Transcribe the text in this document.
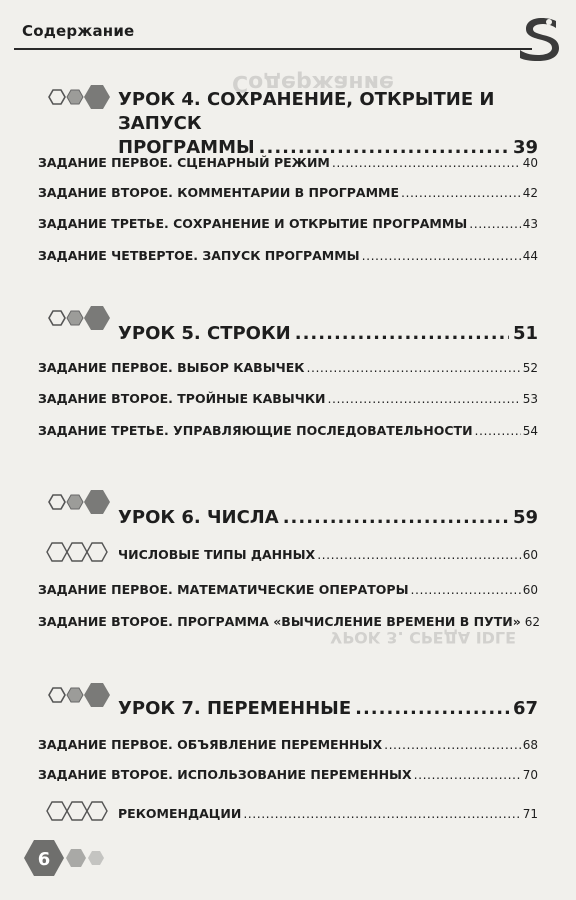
Содержание
Содержание
УРОК 4. СОХРАНЕНИЕ, ОТКРЫТИЕ И ЗАПУСК
ПРОГРАММЫ .....	39
ЗАДАНИЕ ПЕРВОЕ. СЦЕНАРНЫЙ РЕЖИМ .....	40
ЗАДАНИЕ ВТОРОЕ. КОММЕНТАРИИ В ПРОГРАММЕ .....	42
ЗАДАНИЕ ТРЕТЬЕ. СОХРАНЕНИЕ И ОТКРЫТИЕ ПРОГРАММЫ .....	43
ЗАДАНИЕ ЧЕТВЕРТОЕ. ЗАПУСК ПРОГРАММЫ .....	44
УРОК 5. СТРОКИ .....	51
ЗАДАНИЕ ПЕРВОЕ. ВЫБОР КАВЫЧЕК .....	52
ЗАДАНИЕ ВТОРОЕ. ТРОЙНЫЕ КАВЫЧКИ .....	53
ЗАДАНИЕ ТРЕТЬЕ. УПРАВЛЯЮЩИЕ ПОСЛЕДОВАТЕЛЬНОСТИ .....	54
УРОК 6. ЧИСЛА .....	59
ЧИСЛОВЫЕ ТИПЫ ДАННЫХ .....	60
ЗАДАНИЕ ПЕРВОЕ. МАТЕМАТИЧЕСКИЕ ОПЕРАТОРЫ .....	60
ЗАДАНИЕ ВТОРОЕ. ПРОГРАММА «ВЫЧИСЛЕНИЕ ВРЕМЕНИ В ПУТИ» 62
УРОК 3. СРЕДА IDLE
УРОК 7. ПЕРЕМЕННЫЕ .....	67
ЗАДАНИЕ ПЕРВОЕ. ОБЪЯВЛЕНИЕ ПЕРЕМЕННЫХ .....	68
ЗАДАНИЕ ВТОРОЕ. ИСПОЛЬЗОВАНИЕ ПЕРЕМЕННЫХ .....	70
РЕКОМЕНДАЦИИ .....	71
6
